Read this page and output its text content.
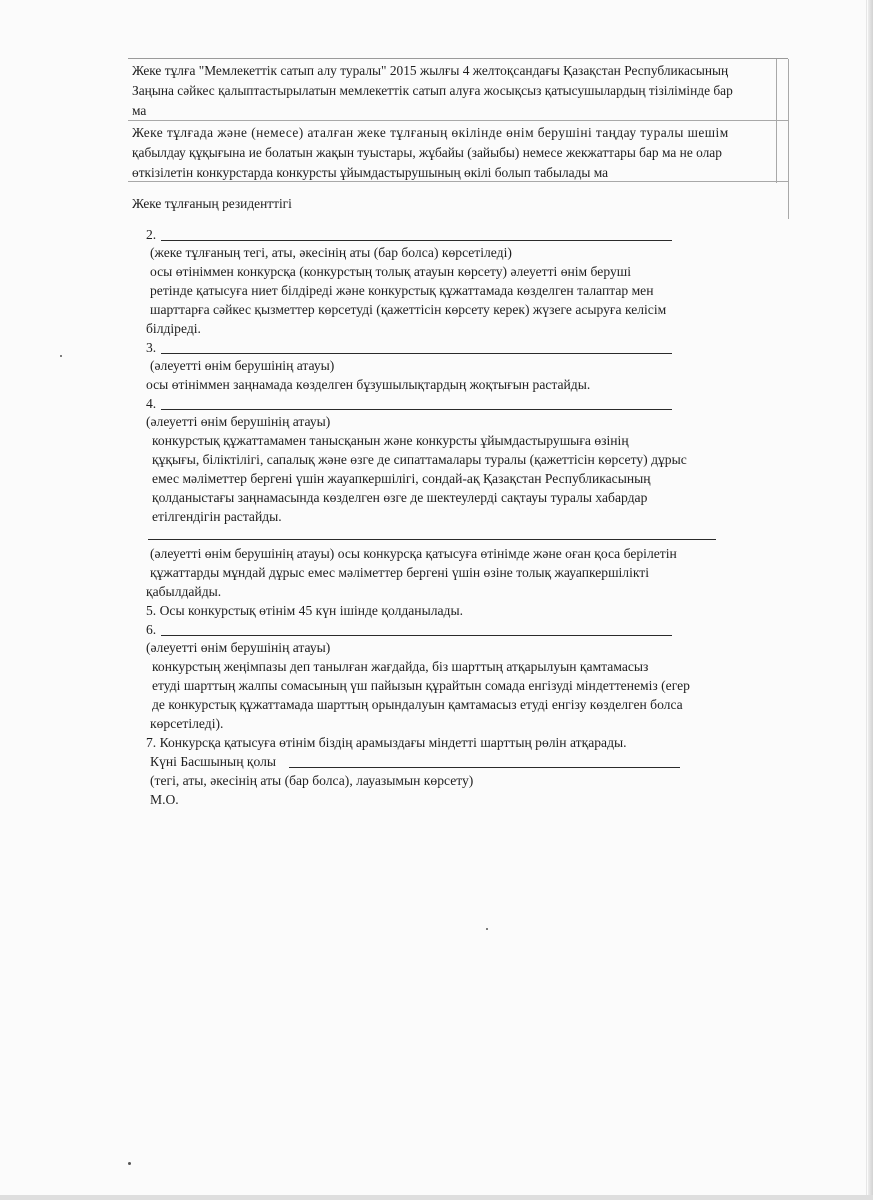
Жеке тұлға "Мемлекеттік сатып алу туралы" 2015 жылғы 4 желтоқсандағы Қазақстан Республикасының
Заңына сәйкес қалыптастырылатын мемлекеттік сатып алуға жосықсыз қатысушылардың тізілімінде бар
ма
Жеке тұлғада және (немесе) аталған жеке тұлғаның өкілінде өнім берушіні таңдау туралы шешім
қабылдау құқығына ие болатын жақын туыстары, жұбайы (зайыбы) немесе жекжаттары бар ма не олар
өткізілетін конкурстарда конкурсты ұйымдастырушының өкілі болып табылады ма
Жеке тұлғаның резиденттігі
2.
(жеке тұлғаның тегі, аты, әкесінің аты (бар болса) көрсетіледі)
осы өтініммен конкурсқа (конкурстың толық атауын көрсету) әлеуетті өнім беруші
ретінде қатысуға ниет білдіреді және конкурстық құжаттамада көзделген талаптар мен
шарттарға сәйкес қызметтер көрсетуді (қажеттісін көрсету керек) жүзеге асыруға келісім
білдіреді.
3.
(әлеуетті өнім берушінің атауы)
осы өтініммен заңнамада көзделген бұзушылықтардың жоқтығын растайды.
4.
(әлеуетті өнім берушінің атауы)
конкурстық құжаттамамен танысқанын және конкурсты ұйымдастырушыға өзінің
құқығы, біліктілігі, сапалық және өзге де сипаттамалары туралы (қажеттісін көрсету) дұрыс
емес мәліметтер бергені үшін жауапкершілігі, сондай-ақ Қазақстан Республикасының
қолданыстағы заңнамасында көзделген өзге де шектеулерді сақтауы туралы хабардар
етілгендігін растайды.
(әлеуетті өнім берушінің атауы) осы конкурсқа қатысуға өтінімде және оған қоса берілетін
құжаттарды мұндай дұрыс емес мәліметтер бергені үшін өзіне толық жауапкершілікті
қабылдайды.
5. Осы конкурстық өтінім 45 күн ішінде қолданылады.
6.
(әлеуетті өнім берушінің атауы)
конкурстың жеңімпазы деп танылған жағдайда, біз шарттың атқарылуын қамтамасыз
етуді шарттың жалпы сомасының үш пайызын құрайтын сомада енгізуді міндеттенеміз (егер
де конкурстық құжаттамада шарттың орындалуын қамтамасыз етуді енгізу көзделген болса
көрсетіледі).
7. Конкурсқа қатысуға өтінім біздің арамыздағы міндетті шарттың рөлін атқарады.
Күні Басшының қолы
(тегі, аты, әкесінің аты (бар болса), лауазымын көрсету)
М.О.
